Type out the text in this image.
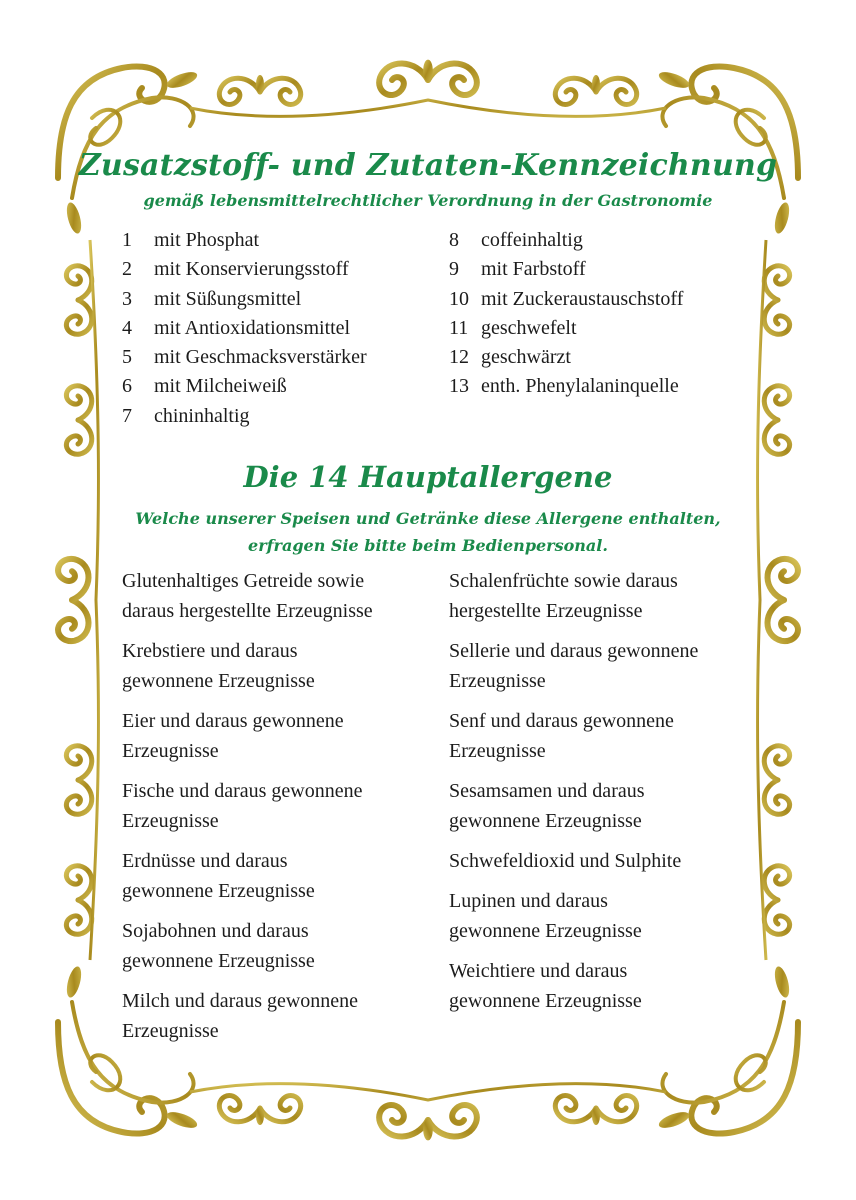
Zusatzstoff- und Zutaten-Kennzeichnung
gemäß lebensmittelrechtlicher Verordnung in der Gastronomie
1 mit Phosphat
2 mit Konservierungsstoff
3 mit Süßungsmittel
4 mit Antioxidationsmittel
5 mit Geschmacksverstärker
6 mit Milcheiweiß
7 chininhaltig
8 coffeinhaltig
9 mit Farbstoff
10 mit Zuckeraustauschstoff
11 geschwefelt
12 geschwärzt
13 enth. Phenylalaninquelle
Die 14 Hauptallergene
Welche unserer Speisen und Getränke diese Allergene enthalten,
erfragen Sie bitte beim Bedienpersonal.
Glutenhaltiges Getreide sowie
daraus hergestellte Erzeugnisse
Krebstiere und daraus
gewonnene Erzeugnisse
Eier und daraus gewonnene
Erzeugnisse
Fische und daraus gewonnene
Erzeugnisse
Erdnüsse und daraus
gewonnene Erzeugnisse
Sojabohnen und daraus
gewonnene Erzeugnisse
Milch und daraus gewonnene
Erzeugnisse
Schalenfrüchte sowie daraus
hergestellte Erzeugnisse
Sellerie und daraus gewonnene
Erzeugnisse
Senf und daraus gewonnene
Erzeugnisse
Sesamsamen und daraus
gewonnene Erzeugnisse
Schwefeldioxid und Sulphite
Lupinen und daraus
gewonnene Erzeugnisse
Weichtiere und daraus
gewonnene Erzeugnisse
